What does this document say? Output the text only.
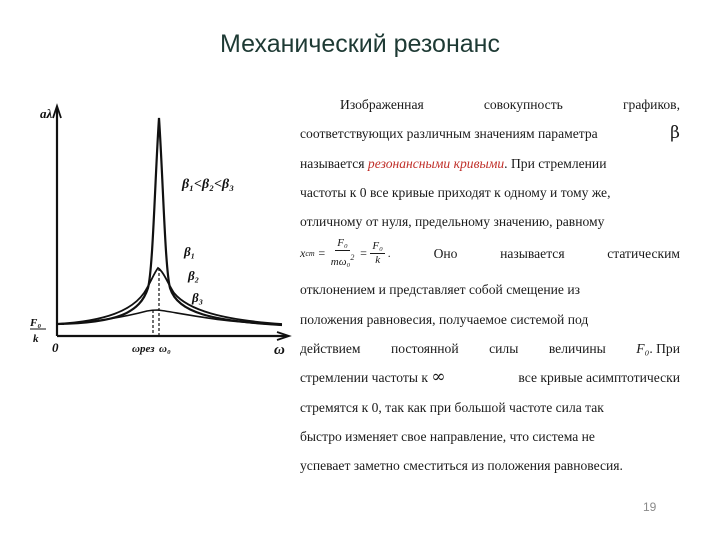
Механический резонанс
aλ
ω
0
F₀
k
β₁<β₂<β₃
β₁
β₂
β₃
ωрез ω₀
Изображенная	совокупность	графиков,
соответствующих различным значениям параметра	β
называется резонансными кривыми. При стремлении
частоты к 0 все кривые приходят к одному и тому же,
отличному от нуля, предельному значению, равному
x ст = $\frac{\text{F₀}}{m\omega_0^2} = \frac{\text{F₀}}{k}$ .	Оно	называется	статическим
отклонением и представляет собой смещение из
положения равновесия, получаемое системой под
действием постоянной силы величины F₀. При
стремлении частоты к ∞	все кривые асимптотически
стремятся к 0, так как при большой частоте сила так
быстро изменяет свое направление, что система не
успевает заметно сместиться из положения равновесия.
19
